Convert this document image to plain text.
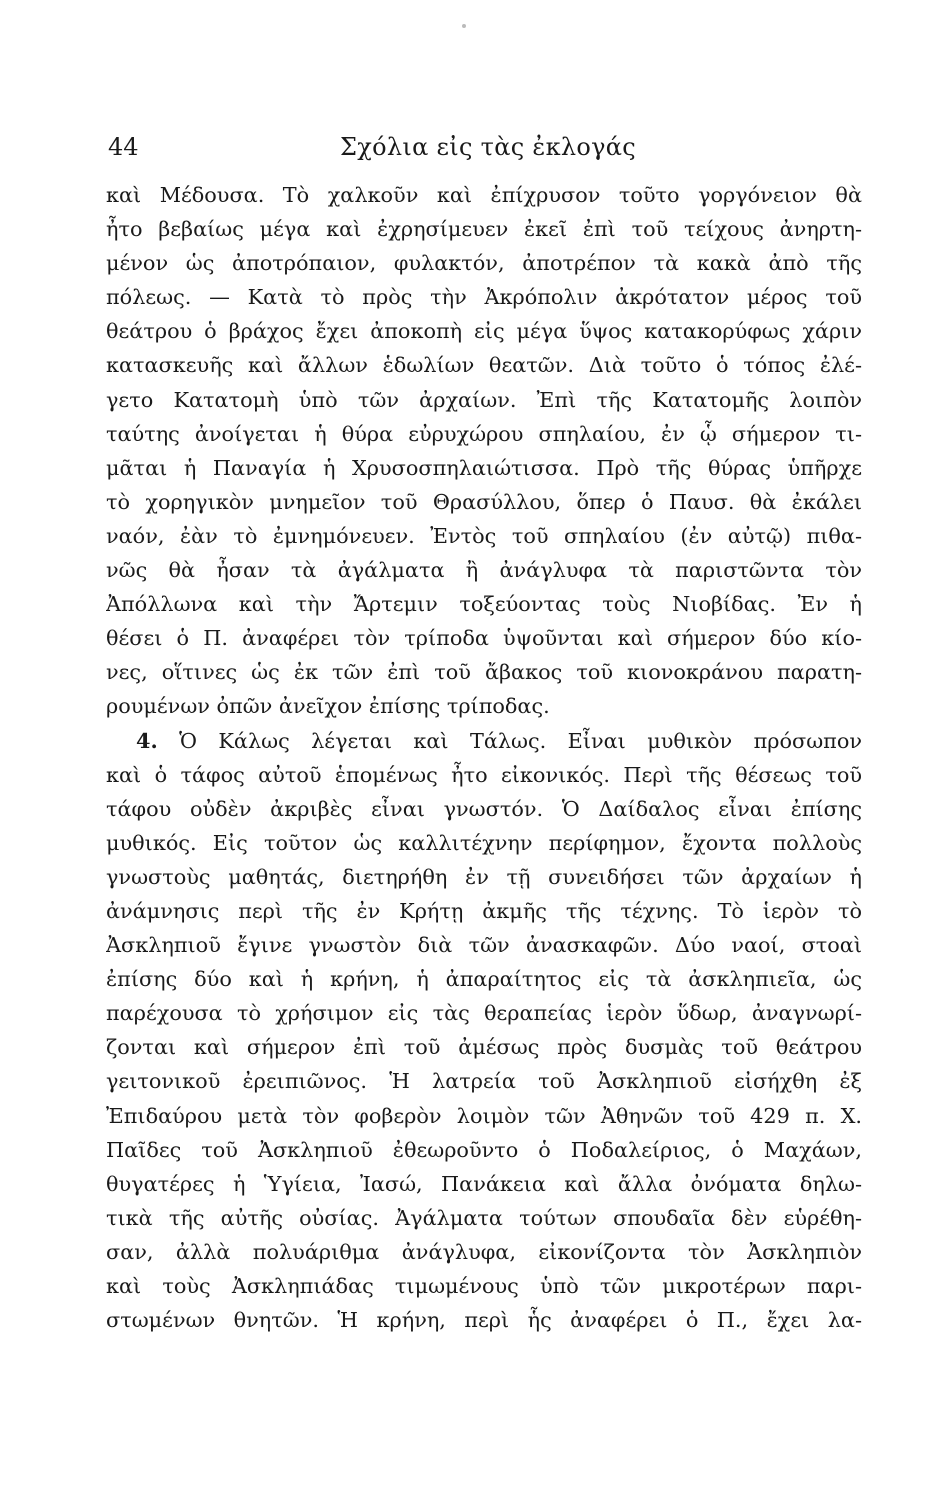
44	Σχόλια εἰς τὰς ἐκλογάς
καὶ Μέδουσα. Τὸ χαλκοῦν καὶ ἐπίχρυσον τοῦτο γοργόνειον θὰ
ἦτο βεβαίως μέγα καὶ ἐχρησίμευεν ἐκεῖ ἐπὶ τοῦ τείχους ἀνηρτη-
μένον ὡς ἀποτρόπαιον, φυλακτόν, ἀποτρέπον τὰ κακὰ ἀπὸ τῆς
πόλεως. — Κατὰ τὸ πρὸς τὴν Ἀκρόπολιν ἀκρότατον μέρος τοῦ
θεάτρου ὁ βράχος ἔχει ἀποκοπὴ εἰς μέγα ὕψος κατακορύφως χάριν
κατασκευῆς καὶ ἄλλων ἑδωλίων θεατῶν. Διὰ τοῦτο ὁ τόπος ἐλέ-
γετο Κατατομὴ ὑπὸ τῶν ἀρχαίων. Ἐπὶ τῆς Κατατομῆς λοιπὸν
ταύτης ἀνοίγεται ἡ θύρα εὐρυχώρου σπηλαίου, ἐν ᾧ σήμερον τι-
μᾶται ἡ Παναγία ἡ Χρυσοσπηλαιώτισσα. Πρὸ τῆς θύρας ὑπῆρχε
τὸ χορηγικὸν μνημεῖον τοῦ Θρασύλλου, ὅπερ ὁ Παυσ. θὰ ἐκάλει
ναόν, ἐὰν τὸ ἐμνημόνευεν. Ἐντὸς τοῦ σπηλαίου (ἐν αὐτῷ) πιθα-
νῶς θὰ ἦσαν τὰ ἀγάλματα ἢ ἀνάγλυφα τὰ παριστῶντα τὸν
Ἀπόλλωνα καὶ τὴν Ἄρτεμιν τοξεύοντας τοὺς Νιοβίδας. Ἐν ἡ
θέσει ὁ Π. ἀναφέρει τὸν τρίποδα ὑψοῦνται καὶ σήμερον δύο κίο-
νες, οἵτινες ὡς ἐκ τῶν ἐπὶ τοῦ ἄβακος τοῦ κιονοκράνου παρατη-
ρουμένων ὀπῶν ἀνεῖχον ἐπίσης τρίποδας.
4. Ὁ Κάλως λέγεται καὶ Τάλως. Εἶναι μυθικὸν πρόσωπον
καὶ ὁ τάφος αὐτοῦ ἑπομένως ἦτο εἰκονικός. Περὶ τῆς θέσεως τοῦ
τάφου οὐδὲν ἀκριβὲς εἶναι γνωστόν. Ὁ Δαίδαλος εἶναι ἐπίσης
μυθικός. Εἰς τοῦτον ὡς καλλιτέχνην περίφημον, ἔχοντα πολλοὺς
γνωστοὺς μαθητάς, διετηρήθη ἐν τῇ συνειδήσει τῶν ἀρχαίων ἡ
ἀνάμνησις περὶ τῆς ἐν Κρήτῃ ἀκμῆς τῆς τέχνης. Τὸ ἱερὸν τὸ
Ἀσκληπιοῦ ἔγινε γνωστὸν διὰ τῶν ἀνασκαφῶν. Δύο ναοί, στοαὶ
ἐπίσης δύο καὶ ἡ κρήνη, ἡ ἀπαραίτητος εἰς τὰ ἀσκληπιεῖα, ὡς
παρέχουσα τὸ χρήσιμον εἰς τὰς θεραπείας ἱερὸν ὕδωρ, ἀναγνωρί-
ζονται καὶ σήμερον ἐπὶ τοῦ ἀμέσως πρὸς δυσμὰς τοῦ θεάτρου
γειτονικοῦ ἐρειπιῶνος. Ἡ λατρεία τοῦ Ἀσκληπιοῦ εἰσήχθη ἐξ
Ἐπιδαύρου μετὰ τὸν φοβερὸν λοιμὸν τῶν Ἀθηνῶν τοῦ 429 π. Χ.
Παῖδες τοῦ Ἀσκληπιοῦ ἐθεωροῦντο ὁ Ποδαλείριος, ὁ Μαχάων,
θυγατέρες ἡ Ὑγίεια, Ἰασώ, Πανάκεια καὶ ἄλλα ὀνόματα δηλω-
τικὰ τῆς αὐτῆς οὐσίας. Ἀγάλματα τούτων σπουδαῖα δὲν εὑρέθη-
σαν, ἀλλὰ πολυάριθμα ἀνάγλυφα, εἰκονίζοντα τὸν Ἀσκληπιὸν
καὶ τοὺς Ἀσκληπιάδας τιμωμένους ὑπὸ τῶν μικροτέρων παρι-
στωμένων θνητῶν. Ἡ κρήνη, περὶ ἧς ἀναφέρει ὁ Π., ἔχει λα-
